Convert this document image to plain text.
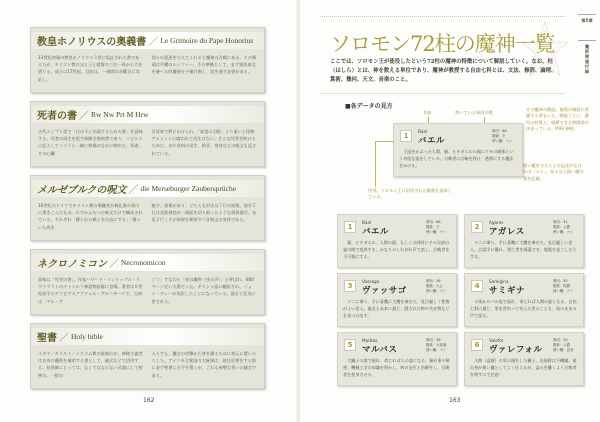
教皇ホノリウスの奥義書 ／ Le Grimoire du Pape Honorius
13世紀初頭の教皇ホノリウス３世に仮託された書であるため、キリスト教の父と子と精霊の三位一体から力を借りる。成立は17世紀。目的は、一週間の各曜日に対応し、
別々の恩恵を与えてくれる七魔神の召喚にある。その筆頭は月曜のルシファー。その準備として、まず東西南北を統べる四魔神を予備召喚し、話を通す必要がある。
死者の書 ／ Rw Nw Prt M Hrw
古代エジプト語で「日の下に出現するための書」を意味する。死者の再生を促す絵解き指南書であり、パピルスに記入してミイラと一緒に棺桶のなかに納めた。冥途、その心臓
は冥界で秤にかけられ、「真実の羽根」より重いと怪物アメミットに喰われて再生はない。そんな死者を助けるために、水や食料の発生、防災、変身などの呪文も記されている。
メルゼブルクの呪文 ／ die Merseburger Zaubersprüche
10世紀のドイツでキリスト教の聖職者が典礼書の余白に書きこんだもの。わずかふたつの呪文だけで構成されている。それぞれ「縛られた戦士を自由にする」「傷ついた馬を
癒す」効果があり、どちらも形式は７行の短歌。前半５行は北欧神話の一場面を切り取ったような情景描写。末尾２行こそが効果を期待すべき呪文の実体である。
ネクロノミコン ／ Necronomicon
意味は「死者の書」。作家ハワード・フィリップス・ラヴクラフトのクトゥルフ神話物語群に登場。著者は８世紀前半のアラビア人アブドゥル・アルハザードで、当初は「アル・ア
ジフ」すなわち「夜の魔物（虫の声）」と呼ばれ、800ページ近い大著だった。ギリシャ語に翻訳され、ジョン・ディーが英訳したことになっている。読むと狂気に冒される。
聖書 ／ Holy bible
ユダヤ／キリスト／イスラム教の経典だが、神秘主義者は自身の魔術を補助する書として、儀式などで活用する。結界師にとっては、なくてはならない武器にして相棒だ。一般の
人々でも、魔女の攻撃から身を護るために枕元に置いたりした。アメリカ合衆国の大統領は、就任宣誓をする際に必ず聖書に左手を置くが、これも神聖な誓いの儀式である。
162
ソロモン72柱の魔神一覧
ここでは、ソロモン王が使役したという72柱の魔神の特徴について解説していく。なお、柱（はしら）とは、神を数える単位であり、魔神が教授する自由七科とは、文法、修辞、論理、算術、幾何、天文、音楽のこと。
第5章
魔術関連付録
■各データの見方
名前	率いている軍団の数
その魔神の階級。複数の階級に所属する者もいる。階級ごとに、護符の材質と、呪縛できる時間帯が決まっている。P.93 参照。
使い魔を与えるとの記述がなければ「ナシ」、あるなら使い魔の質を記載。
序列。ソロモン王に封印された順番を意味している。
1
Bael
バエル
軍団：66
階級：王
使い魔：ナシ
王冠をかぶった人間、猫、ヒキガエルの頭にクモの胴体という奇怪な姿をしている。召喚者に計略を授け、透明にする魔法をかける。
1
Bael
バエル
軍団：66
階級：王
使い魔：ナシ
猫、ヒキガエル、人間の頭、もしくは同時にその全部の姿の間で変異する。かなりのしわがれ声で話し、召喚者を不可視にする。
2
Agares
アガレス
軍団：31
階級：公爵
使い魔：ナシ
ワニに乗り、手に蒼鷹に大鷹を乗せた、見目麗しい老人。言語学に優れ、逃亡者を帰還させ、地震を起こしたりする。
3
Vassago
ヴァッサゴ
軍団：26
階級：大公
使い魔：ナシ
ワニに乗り、手に蒼鷹に大鷹を乗せた、見目麗しく性格がよい老人。過去と未来に通じ、隠された物や失せ物などを見つけ出す。
4
Samigina
サミギナ
軍団：30
階級：侯爵
使い魔：ナシ
小馬かロバの姿で現れ、命じれば人間の姿となる。自由七科に通じ、罪を背負って死んだ者のことも、馬のままの声で語る。
5
Marbas
マルバス
軍団：36
階級：大総裁
使い魔：ナシ
大獅子の姿で現れ、命じれば人の姿になる。秘め事や秘密、機械工学の知識を明かし、病の発生と治療をし、召喚者を変身させる。
6
Valefor
ヴァレフォル
軍団：10
階級：公爵
使い魔：良身
人間（盗賊）の男の頭をした獅子。出現時は不機嫌。彼自身が使い魔としてよく仕えるが、盗みを働くよう召喚者を唆すので注意！
163
